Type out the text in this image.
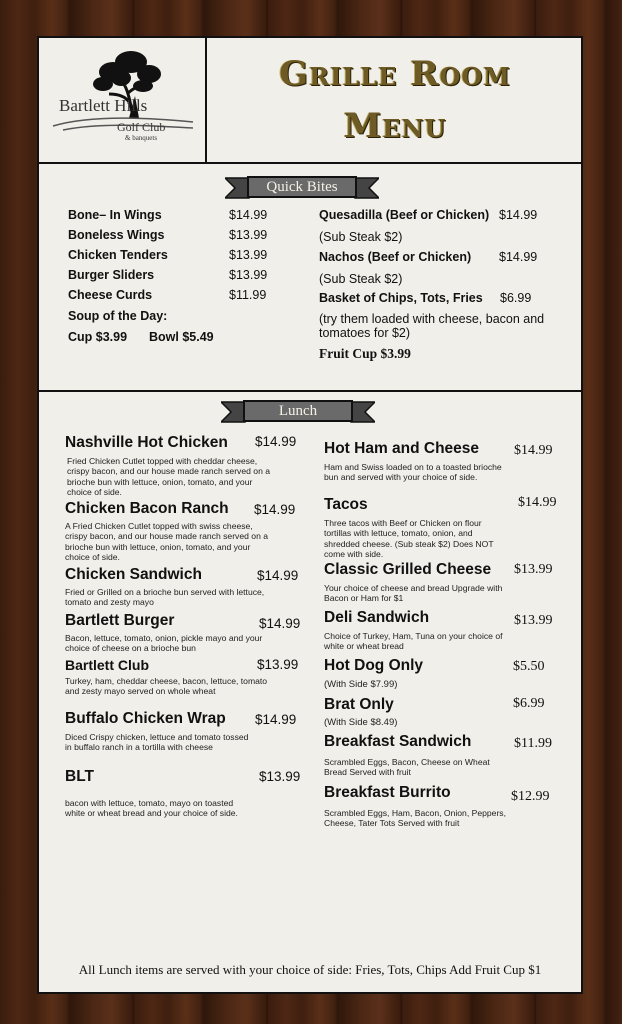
Bartlett Hills
Golf Club
& banquets
Grille Room
Menu
Quick Bites
Bone– In Wings	$14.99
Boneless Wings	$13.99
Chicken Tenders	$13.99
Burger Sliders	$13.99
Cheese Curds	$11.99
Soup of the Day:
Cup $3.99 Bowl $5.49
Quesadilla (Beef or Chicken) $14.99
(Sub Steak $2)
Nachos (Beef or Chicken) $14.99
(Sub Steak $2)
Basket of Chips, Tots, Fries $6.99
(try them loaded with cheese, bacon and tomatoes for $2)
Fruit Cup $3.99
Lunch
Nashville Hot Chicken $14.99
Fried Chicken Cutlet topped with cheddar cheese, crispy bacon, and our house made ranch served on a brioche bun with lettuce, onion, tomato, and your choice of side.
Chicken Bacon Ranch $14.99
A Fried Chicken Cutlet topped with swiss cheese, crispy bacon, and our house made ranch served on a brioche bun with lettuce, onion, tomato, and your choice of side.
Chicken Sandwich	$14.99
Fried or Grilled on a brioche bun served with lettuce, tomato and zesty mayo
Bartlett Burger	$14.99
Bacon, lettuce, tomato, onion, pickle mayo and your choice of cheese on a brioche bun
Bartlett Club	$13.99
Turkey, ham, cheddar cheese, bacon, lettuce, tomato and zesty mayo served on whole wheat
Buffalo Chicken Wrap $14.99
Diced Crispy chicken, lettuce and tomato tossed in buffalo ranch in a tortilla with cheese
BLT	$13.99
bacon with lettuce, tomato, mayo on toasted white or wheat bread and your choice of side.
Hot Ham and Cheese $14.99
Ham and Swiss loaded on to a toasted brioche bun and served with your choice of side.
Tacos	$14.99
Three tacos with Beef or Chicken on flour tortillas with lettuce, tomato, onion, and shredded cheese. (Sub steak $2) Does NOT come with side.
Classic Grilled Cheese $13.99
Your choice of cheese and bread Upgrade with Bacon or Ham for $1
Deli Sandwich	$13.99
Choice of Turkey, Ham, Tuna on your choice of white or wheat bread
Hot Dog Only	$5.50
(With Side $7.99)
Brat Only	$6.99
(With Side $8.49)
Breakfast Sandwich	$11.99
Scrambled Eggs, Bacon, Cheese on Wheat Bread Served with fruit
Breakfast Burrito	$12.99
Scrambled Eggs, Ham, Bacon, Onion, Peppers, Cheese, Tater Tots Served with fruit
All Lunch items are served with your choice of side: Fries, Tots, Chips Add Fruit Cup $1
